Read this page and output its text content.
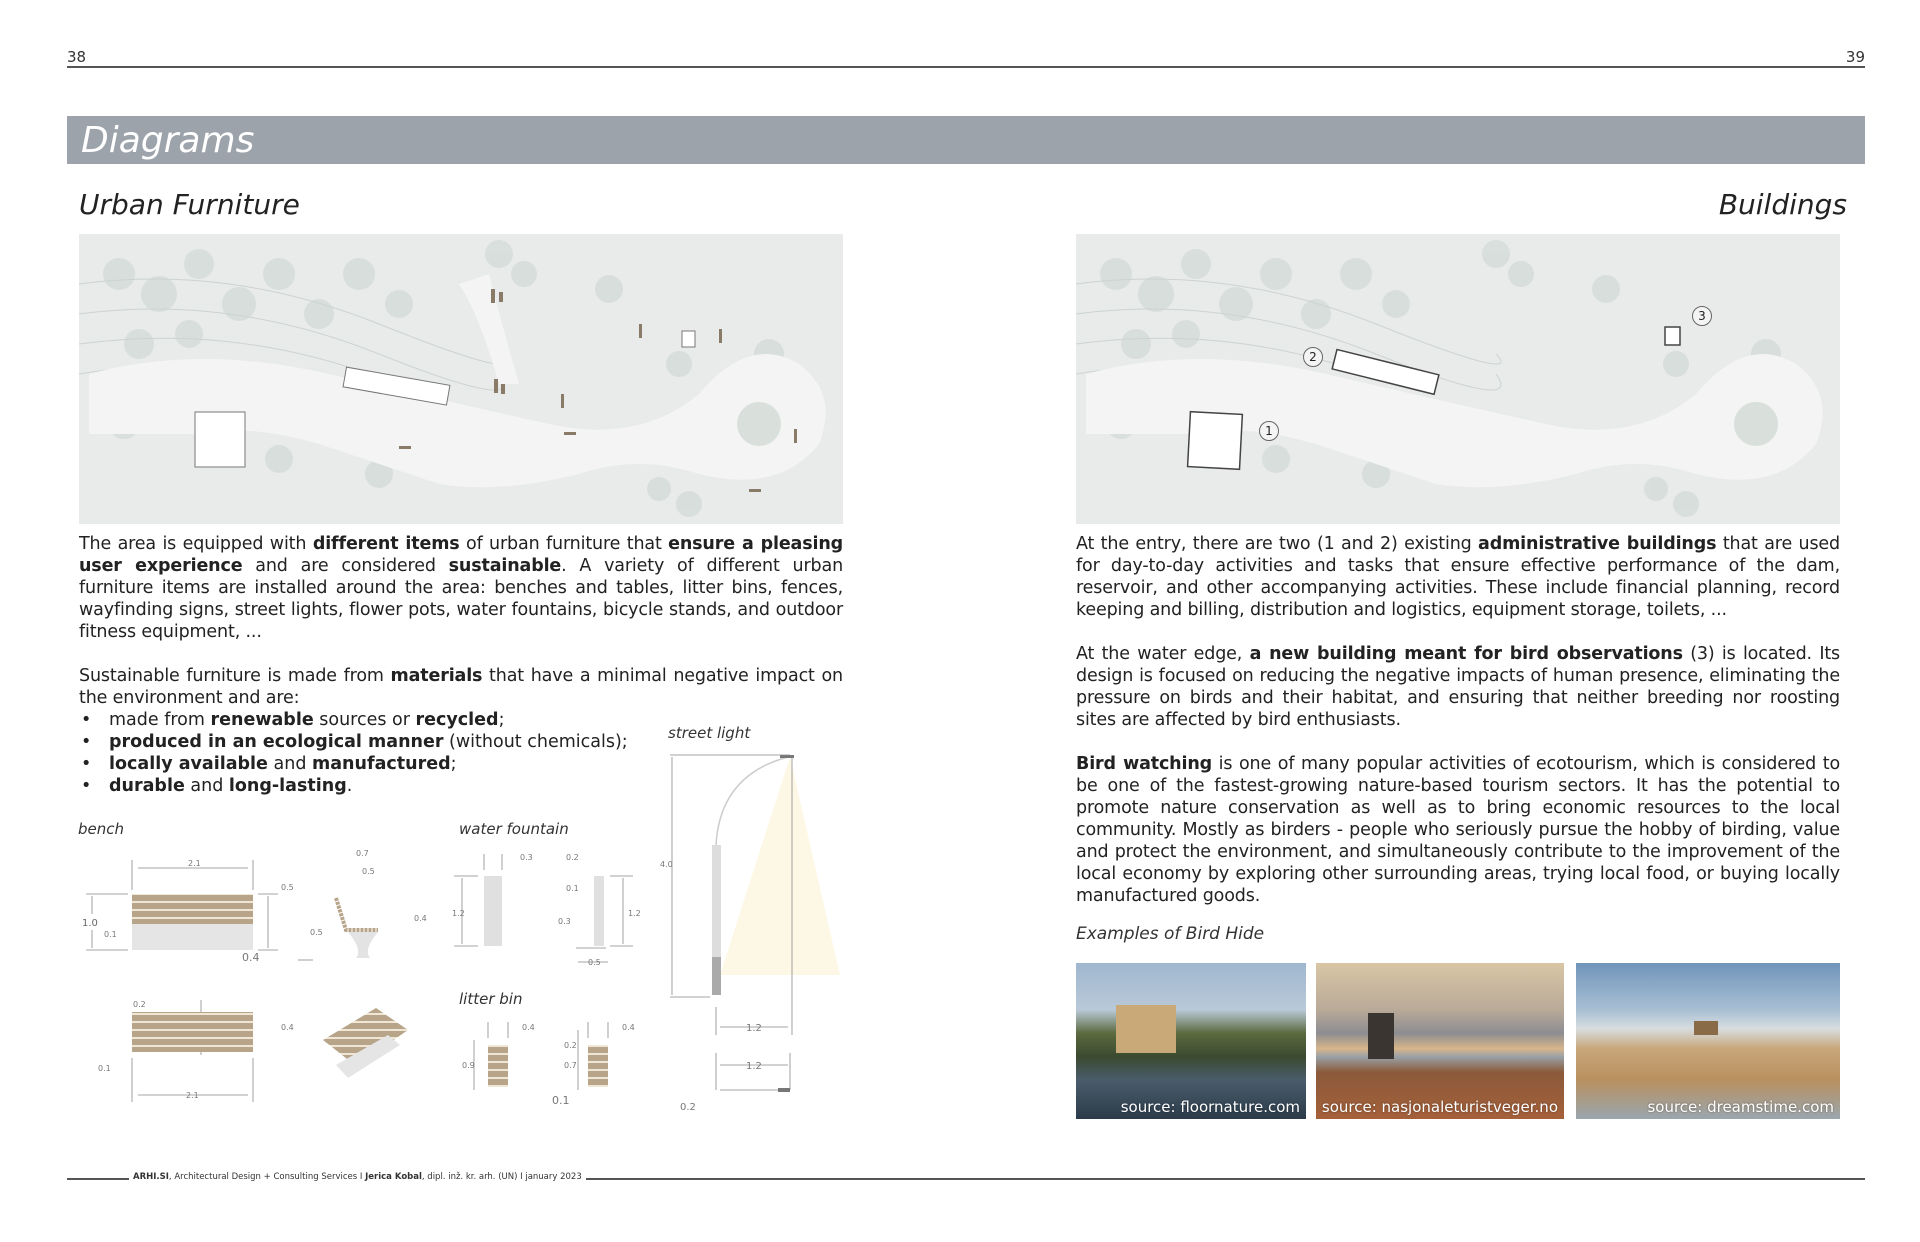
38	39
Diagrams
Urban Furniture	Buildings
1
2
3
The area is equipped with different items of urban furniture that ensure a pleasing user experience and are considered sustainable. A variety of different urban furniture items are installed around the area: benches and tables, litter bins, fences, wayfinding signs, street lights, flower pots, water fountains, bicycle stands, and outdoor fitness equipment, ...
Sustainable furniture is made from materials that have a minimal negative impact on the environment and are:
• made from renewable sources or recycled;
• produced in an ecological manner (without chemicals);
• locally available and manufactured;
• durable and long-lasting.
bench	water fountain
litter bin
street light
2.1
0.5
1.0
0.1
0.4
0.7
0.5
0.5
0.4
0.2
0.4
0.1
2.1
0.3
1.2
0.2
0.1
0.3
1.2
0.5
0.4
0.9
0.4
0.2
0.7
0.1
4.0
1.2
1.2
0.2
At the entry, there are two (1 and 2) existing administrative buildings that are used for day-to-day activities and tasks that ensure effective performance of the dam, reservoir, and other accompanying activities. These include financial planning, record keeping and billing, distribution and logistics, equipment storage, toilets, ...
At the water edge, a new building meant for bird observations (3) is located. Its design is focused on reducing the negative impacts of human presence, eliminating the pressure on birds and their habitat, and ensuring that neither breeding nor roosting sites are affected by bird enthusiasts.
Bird watching is one of many popular activities of ecotourism, which is considered to be one of the fastest-growing nature-based tourism sectors. It has the potential to promote nature conservation as well as to bring economic resources to the local community. Mostly as birders - people who seriously pursue the hobby of birding, value and protect the environment, and simultaneously contribute to the improvement of the local economy by exploring other surrounding areas, trying local food, or buying locally manufactured goods.
Examples of Bird Hide
source: floornature.com source: nasjonaleturistveger.no	source: dreamstime.com
ARHI.SI, Architectural Design + Consulting Services I Jerica Kobal, dipl. inž. kr. arh. (UN) I january 2023
